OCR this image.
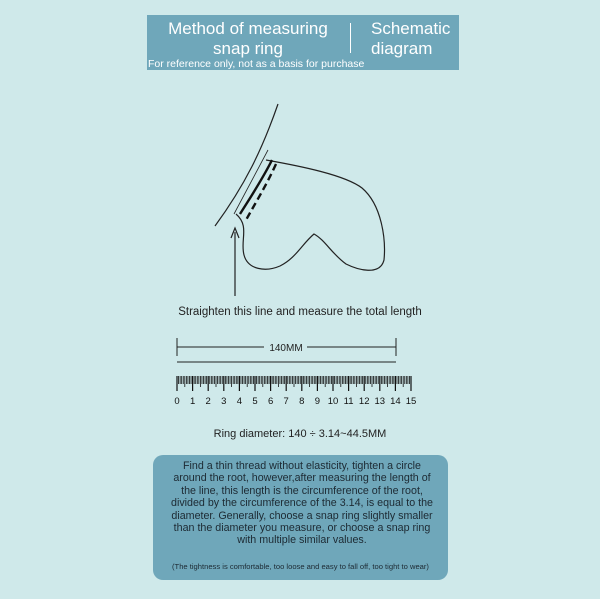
Method of measuring snap ring
Schematic diagram
For reference only, not as a basis for purchase
140MM
0 1 2 3 4 5 6 7 8 9 10 11 12 13 14 15
Straighten this line and measure the total length
Ring diameter: 140 ÷ 3.14~44.5MM
Find a thin thread without elasticity, tighten a circle around the root, however,after measuring the length of the line, this length is the circumference of the root, divided by the circumference of the 3.14, is equal to the diameter. Generally, choose a snap ring slightly smaller than the diameter you measure, or choose a snap ring with multiple similar values.
(The tightness is comfortable, too loose and easy to fall off, too tight to wear)
